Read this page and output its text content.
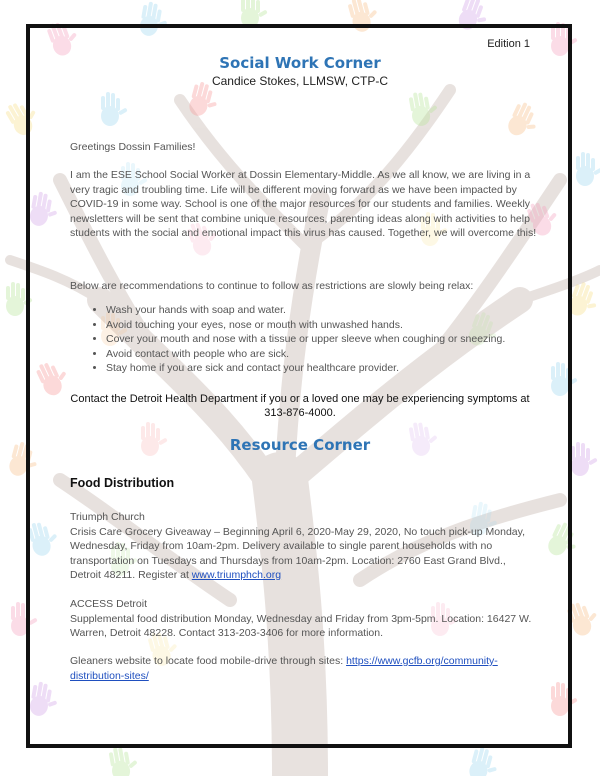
Edition 1
Social Work Corner
Candice Stokes, LLMSW, CTP-C
Greetings Dossin Families!
I am the ESE School Social Worker at Dossin Elementary-Middle. As we all know, we are living in a very tragic and troubling time. Life will be different moving forward as we have been impacted by COVID-19 in some way. School is one of the major resources for our students and families. Weekly newsletters will be sent that combine unique resources, parenting ideas along with activities to help students with the social and emotional impact this virus has caused. Together, we will overcome this!
Below are recommendations to continue to follow as restrictions are slowly being relax:
• Wash your hands with soap and water.
• Avoid touching your eyes, nose or mouth with unwashed hands.
• Cover your mouth and nose with a tissue or upper sleeve when coughing or sneezing.
• Avoid contact with people who are sick.
• Stay home if you are sick and contact your healthcare provider.
Contact the Detroit Health Department if you or a loved one may be experiencing symptoms at 313-876-4000.
Resource Corner
Food Distribution
Triumph Church
Crisis Care Grocery Giveaway – Beginning April 6, 2020-May 29, 2020, No touch pick-up Monday, Wednesday, Friday from 10am-2pm. Delivery available to single parent households with no transportation on Tuesdays and Thursdays from 10am-2pm. Location: 2760 East Grand Blvd., Detroit 48211. Register at www.triumphch.org
ACCESS Detroit
Supplemental food distribution Monday, Wednesday and Friday from 3pm-5pm. Location: 16427 W. Warren, Detroit 48228. Contact 313-203-3406 for more information.
Gleaners website to locate food mobile-drive through sites: https://www.gcfb.org/community-distribution-sites/
